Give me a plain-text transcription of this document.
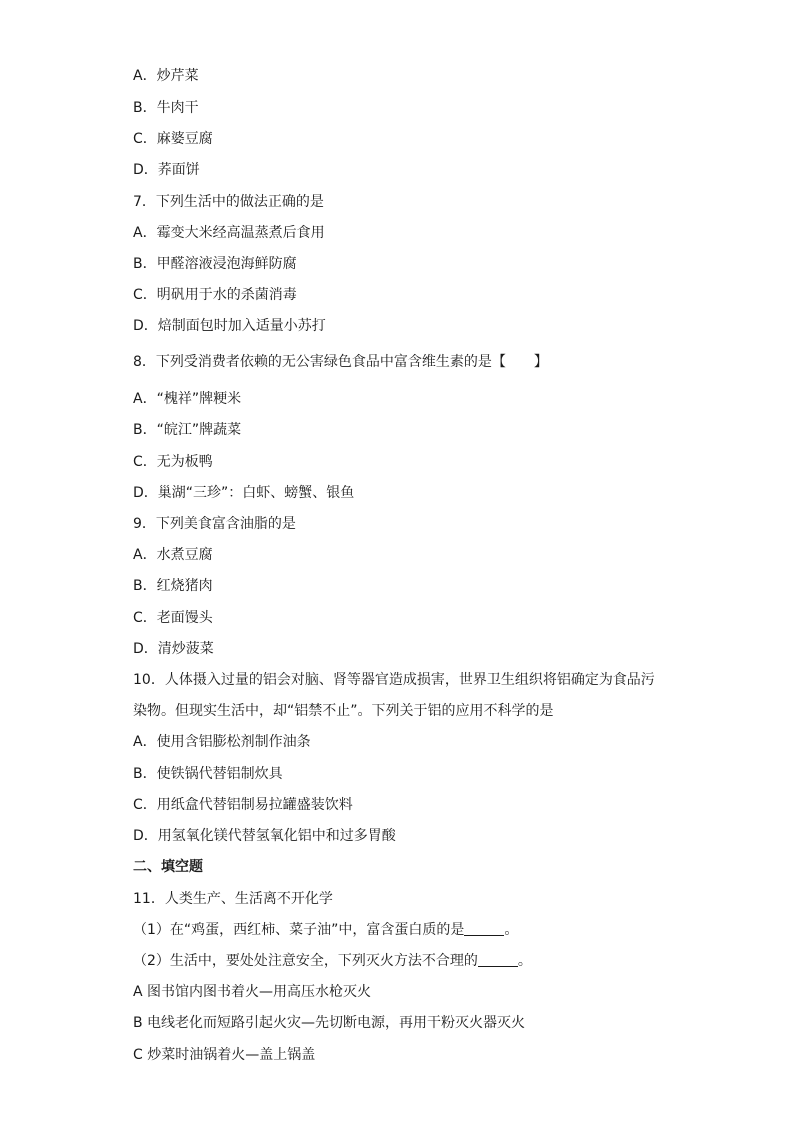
A．炒芹菜
B．牛肉干
C．麻婆豆腐
D．荞面饼
7．下列生活中的做法正确的是
A．霉变大米经高温蒸煮后食用
B．甲醛溶液浸泡海鲜防腐
C．明矾用于水的杀菌消毒
D．焙制面包时加入适量小苏打
8．下列受消费者依赖的无公害绿色食品中富含维生素的是【　　】
A．“槐祥”牌粳米
B．“皖江”牌蔬菜
C．无为板鸭
D．巢湖“三珍”：白虾、螃蟹、银鱼
9．下列美食富含油脂的是
A．水煮豆腐
B．红烧猪肉
C．老面馒头
D．清炒菠菜
10．人体摄入过量的铝会对脑、肾等器官造成损害，世界卫生组织将铝确定为食品污
染物。但现实生活中，却“铝禁不止”。下列关于铝的应用不科学的是
A．使用含铝膨松剂制作油条
B．使铁锅代替铝制炊具
C．用纸盒代替铝制易拉罐盛装饮料
D．用氢氧化镁代替氢氧化铝中和过多胃酸
二、填空题
11．人类生产、生活离不开化学
（1）在“鸡蛋，西红柿、菜子油”中，富含蛋白质的是	。
（2）生活中，要处处注意安全，下列灭火方法不合理的	。
A 图书馆内图书着火—用高压水枪灭火
B 电线老化而短路引起火灾—先切断电源，再用干粉灭火器灭火
C 炒菜时油锅着火—盖上锅盖
